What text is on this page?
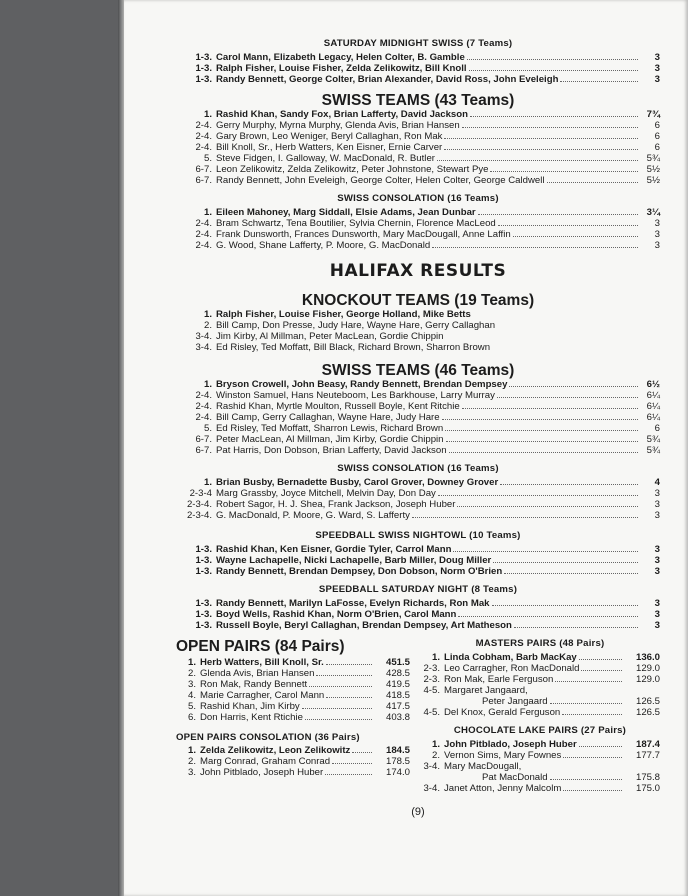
SATURDAY MIDNIGHT SWISS (7 Teams)
1-3. Carol Mann, Elizabeth Legacy, Helen Colter, B. Gamble	3
1-3. Ralph Fisher, Louise Fisher, Zelda Zelikowitz, Bill Knoll	3
1-3. Randy Bennett, George Colter, Brian Alexander, David Ross, John Eveleigh	3
SWISS TEAMS (43 Teams)
1. Rashid Khan, Sandy Fox, Brian Lafferty, David Jackson	7¾
2-4. Gerry Murphy, Myrna Murphy, Glenda Avis, Brian Hansen	6
2-4. Gary Brown, Leo Weniger, Beryl Callaghan, Ron Mak	6
2-4. Bill Knoll, Sr., Herb Watters, Ken Eisner, Ernie Carver	6
5. Steve Fidgen, I. Galloway, W. MacDonald, R. Butler	5¾
6-7. Leon Zelikowitz, Zelda Zelikowitz, Peter Johnstone, Stewart Pye	5½
6-7. Randy Bennett, John Eveleigh, George Colter, Helen Colter, George Caldwell	5½
SWISS CONSOLATION (16 Teams)
1. Eileen Mahoney, Marg Siddall, Elsie Adams, Jean Dunbar	3¼
2-4. Bram Schwartz, Tena Boutilier, Sylvia Chernin, Florence MacLeod	3
2-4. Frank Dunsworth, Frances Dunsworth, Mary MacDougall, Anne Laffin	3
2-4. G. Wood, Shane Lafferty, P. Moore, G. MacDonald	3
HALIFAX RESULTS
KNOCKOUT TEAMS (19 Teams)
1. Ralph Fisher, Louise Fisher, George Holland, Mike Betts
2. Bill Camp, Don Presse, Judy Hare, Wayne Hare, Gerry Callaghan
3-4. Jim Kirby, Al Millman, Peter MacLean, Gordie Chippin
3-4. Ed Risley, Ted Moffatt, Bill Black, Richard Brown, Sharron Brown
SWISS TEAMS (46 Teams)
1. Bryson Crowell, John Beasy, Randy Bennett, Brendan Dempsey	6½
2-4. Winston Samuel, Hans Neuteboom, Les Barkhouse, Larry Murray	6¼
2-4. Rashid Khan, Myrtle Moulton, Russell Boyle, Kent Ritchie	6¼
2-4. Bill Camp, Gerry Callaghan, Wayne Hare, Judy Hare	6¼
5. Ed Risley, Ted Moffatt, Sharron Lewis, Richard Brown	6
6-7. Peter MacLean, Al Millman, Jim Kirby, Gordie Chippin	5¾
6-7. Pat Harris, Don Dobson, Brian Lafferty, David Jackson	5¾
SWISS CONSOLATION (16 Teams)
1. Brian Busby, Bernadette Busby, Carol Grover, Downey Grover	4
2-3-4 Marg Grassby, Joyce Mitchell, Melvin Day, Don Day	3
2-3-4. Robert Sagor, H. J. Shea, Frank Jackson, Joseph Huber	3
2-3-4. G. MacDonald, P. Moore, G. Ward, S. Lafferty	3
SPEEDBALL SWISS NIGHTOWL (10 Teams)
1-3. Rashid Khan, Ken Eisner, Gordie Tyler, Carrol Mann	3
1-3. Wayne Lachapelle, Nicki Lachapelle, Barb Miller, Doug Miller	3
1-3. Randy Bennett, Brendan Dempsey, Don Dobson, Norm O'Brien	3
SPEEDBALL SATURDAY NIGHT (8 Teams)
1-3. Randy Bennett, Marilyn LaFosse, Evelyn Richards, Ron Mak	3
1-3. Boyd Wells, Rashid Khan, Norm O'Brien, Carol Mann	3
1-3. Russell Boyle, Beryl Callaghan, Brendan Dempsey, Art Matheson	3
OPEN PAIRS (84 Pairs)
1. Herb Watters, Bill Knoll, Sr.	451.5
2. Glenda Avis, Brian Hansen	428.5
3. Ron Mak, Randy Bennett	419.5
4. Marie Carragher, Carol Mann	418.5
5. Rashid Khan, Jim Kirby	417.5
6. Don Harris, Kent Rtichie	403.8
OPEN PAIRS CONSOLATION (36 Pairs)
1. Zelda Zelikowitz, Leon Zelikowitz	184.5
2. Marg Conrad, Graham Conrad	178.5
3. John Pitblado, Joseph Huber	174.0
MASTERS PAIRS (48 Pairs)
1. Linda Cobham, Barb MacKay	136.0
2-3. Leo Carragher, Ron MacDonald	129.0
2-3. Ron Mak, Earle Ferguson	129.0
4-5. Margaret Jangaard,
Peter Jangaard	126.5
4-5. Del Knox, Gerald Ferguson	126.5
CHOCOLATE LAKE PAIRS (27 Pairs)
1. John Pitblado, Joseph Huber	187.4
2. Vernon Sims, Mary Fownes	177.7
3-4. Mary MacDougall,
Pat MacDonald	175.8
3-4. Janet Atton, Jenny Malcolm	175.0
(9)
